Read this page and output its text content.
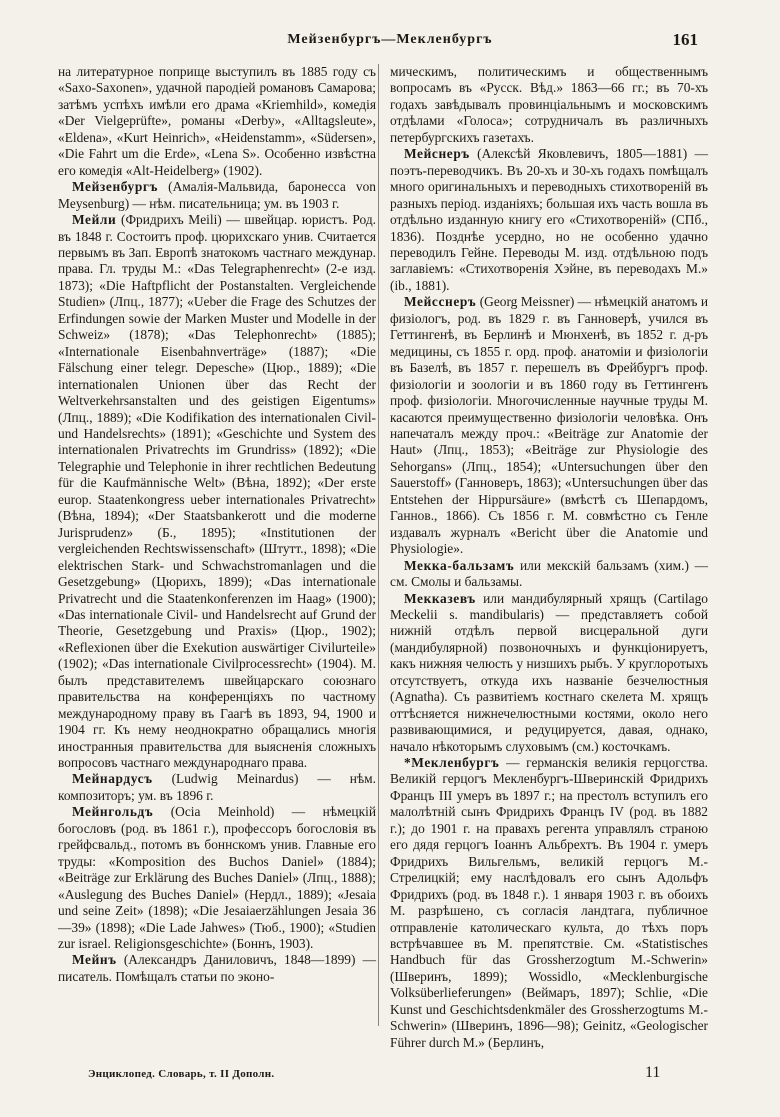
Мейзенбургъ—Мекленбургъ	161

на литературное поприще выступилъ въ 1885 году съ «Saxo-Saxonen», удачной пародіей романовъ Самарова; затѣмъ успѣхъ имѣли его драма «Kriemhild», комедія «Der Vielgeprüfte», романы «Derby», «Alltagsleute», «Eldena», «Kurt Heinrich», «Heidenstamm», «Südersen», «Die Fahrt um die Erde», «Lena S». Особенно извѣстна его комедія «Alt-Heidelberg» (1902).

Мейзенбургъ (Амалія-Мальвида, баронесса von Meysenburg) — нѣм. писательница; ум. въ 1903 г.

Мейли (Фридрихъ Meili) — швейцар. юристъ. Род. въ 1848 г. Состоитъ проф. цюрихскаго унив. Считается первымъ въ Зап. Европѣ знатокомъ частнаго междунар. права. Гл. труды М.: «Das Telegraphenrecht» (2-е изд. 1873); «Die Haftpflicht der Postanstalten. Vergleichende Studien» (Лпц., 1877); «Ueber die Frage des Schutzes der Erfindungen sowie der Marken Muster und Modelle in der Schweiz» (1878); «Das Telephonrecht» (1885); «Internationale Eisenbahnverträge» (1887); «Die Fälschung einer telegr. Depesche» (Цюр., 1889); «Die internationalen Unionen über das Recht der Weltverkehrsanstalten und des geistigen Eigentums» (Лпц., 1889); «Die Kodifikation des internationalen Civil- und Handelsrechts» (1891); «Geschichte und System des internationalen Privatrechts im Grundriss» (1892); «Die Telegraphie und Telephonie in ihrer rechtlichen Bedeutung für die Kaufmännische Welt» (Вѣна, 1892); «Der erste europ. Staatenkongress ueber internationales Privatrecht» (Вѣна, 1894); «Der Staatsbankerott und die moderne Jurisprudenz» (Б., 1895); «Institutionen der vergleichenden Rechtswissenschaft» (Штутт., 1898); «Die elektrischen Stark- und Schwachstromanlagen und die Gesetzgebung» (Цюрихъ, 1899); «Das internationale Privatrecht und die Staatenkonferenzen im Haag» (1900); «Das internationale Civil- und Handelsrecht auf Grund der Theorie, Gesetzgebung und Praxis» (Цюр., 1902); «Reflexionen über die Exekution auswärtiger Civilurteile» (1902); «Das internationale Civilprocessrecht» (1904). М. былъ представителемъ швейцарскаго союзнаго правительства на конференціяхъ по частному международному праву въ Гаагѣ въ 1893, 94, 1900 и 1904 гг. Къ нему неоднократно обращались многія иностранныя правительства для выясненія сложныхъ вопросовъ частнаго международнаго права.

Мейнардусъ (Ludwig Meinardus) — нѣм. композиторъ; ум. въ 1896 г.

Мейнгольдъ (Ocia Meinhold) — нѣмецкій богословъ (род. въ 1861 г.), профессоръ богословія въ грейфсвальд., потомъ въ боннскомъ унив. Главные его труды: «Komposition des Buchos Daniel» (1884); «Beiträge zur Erklärung des Buches Daniel» (Лпц., 1888); «Auslegung des Buches Daniel» (Нердл., 1889); «Jesaia und seine Zeit» (1898); «Die Jesaiaerzählungen Jesaia 36—39» (1898); «Die Lade Jahwes» (Тюб., 1900); «Studien zur israel. Religionsgeschichte» (Боннъ, 1903).

Мейнъ (Александръ Даниловичъ, 1848—1899) — писатель. Помѣщалъ статьи по эконо-

мическимъ, политическимъ и общественнымъ вопросамъ въ «Русск. Вѣд.» 1863—66 гг.; въ 70-хъ годахъ завѣдывалъ провинціальнымъ и московскимъ отдѣлами «Голоса»; сотрудничалъ въ различныхъ петербургскихъ газетахъ.

Мейснеръ (Алексѣй Яковлевичъ, 1805—1881) — поэтъ-переводчикъ. Въ 20-хъ и 30-хъ годахъ помѣщалъ много оригинальныхъ и переводныхъ стихотвореній въ разныхъ період. изданіяхъ; большая ихъ часть вошла въ отдѣльно изданную книгу его «Стихотвореній» (СПб., 1836). Позднѣе усердно, но не особенно удачно переводилъ Гейне. Переводы М. изд. отдѣльною подъ заглавіемъ: «Стихотворенія Хэйне, въ переводахъ М.» (ib., 1881).

Мейсснеръ (Georg Meissner) — нѣмецкій анатомъ и физіологъ, род. въ 1829 г. въ Ганноверѣ, учился въ Геттингенѣ, въ Берлинѣ и Мюнхенѣ, въ 1852 г. д-ръ медицины, съ 1855 г. орд. проф. анатоміи и физіологіи въ Базелѣ, въ 1857 г. перешелъ въ Фрейбургъ проф. физіологіи и зоологіи и въ 1860 году въ Геттингенъ проф. физіологіи. Многочисленные научные труды М. касаются преимущественно физіологіи человѣка. Онъ напечаталъ между проч.: «Beiträge zur Anatomie der Haut» (Лпц., 1853); «Beiträge zur Physiologie des Sehorgans» (Лпц., 1854); «Untersuchungen über den Sauerstoff» (Ганноверъ, 1863); «Untersuchungen über das Entstehen der Hippursäure» (вмѣстѣ съ Шепардомъ, Ганнов., 1866). Съ 1856 г. М. совмѣстно съ Генле издавалъ журналъ «Bericht über die Anatomie und Physiologie».

Мекка-бальзамъ или мекскій бальзамъ (хим.) — см. Смолы и бальзамы.

Мекказевъ или мандибулярный хрящъ (Cartilago Meckelii s. mandibularis) — представляетъ собой нижній отдѣлъ первой висцеральной дуги (мандибулярной) позвоночныхъ и функціонируетъ, какъ нижняя челюсть у низшихъ рыбъ. У круглоротыхъ отсутствуетъ, откуда ихъ названіе безчелюстныя (Agnatha). Съ развитіемъ костнаго скелета М. хрящъ оттѣсняется нижнечелюстными костями, около него развивающимися, и редуцируется, давая, однако, начало нѣкоторымъ слуховымъ (см.) косточкамъ.

*Мекленбургъ — германскія великія герцогства. Великій герцогъ Мекленбургъ-Шверинскій Фридрихъ Францъ III умеръ въ 1897 г.; на престолъ вступилъ его малолѣтній сынъ Фридрихъ Францъ IV (род. въ 1882 г.); до 1901 г. на правахъ регента управлялъ страною его дядя герцогъ Іоаннъ Альбрехтъ. Въ 1904 г. умеръ Фридрихъ Вильгельмъ, великій герцогъ М.-Стрелицкій; ему наслѣдовалъ его сынъ Адольфъ Фридрихъ (род. въ 1848 г.). 1 января 1903 г. въ обоихъ М. разрѣшено, съ согласія ландтага, публичное отправленіе католическаго культа, до тѣхъ поръ встрѣчавшее въ М. препятствіе. См. «Statistisches Handbuch für das Grossherzogtum M.-Schwerin» (Шверинъ, 1899); Wossidlo, «Mecklenburgische Volksüberlieferungen» (Веймаръ, 1897); Schlie, «Die Kunst und Geschichtsdenkmäler des Grossherzogtums M.-Schwerin» (Шверинъ, 1896—98); Geinitz, «Geologischer Führer durch M.» (Берлинъ,

Энциклопед. Словарь, т. II Дополн.	11
